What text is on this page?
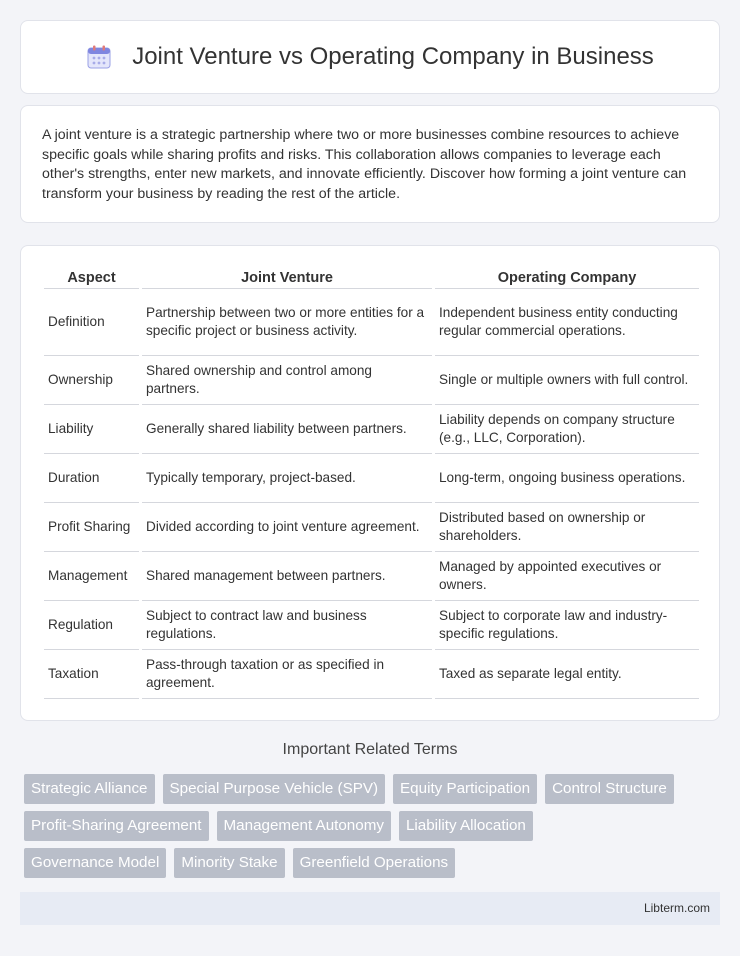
Joint Venture vs Operating Company in Business

A joint venture is a strategic partnership where two or more businesses combine resources to achieve specific goals while sharing profits and risks. This collaboration allows companies to leverage each other's strengths, enter new markets, and innovate efficiently. Discover how forming a joint venture can transform your business by reading the rest of the article.

Aspect	Joint Venture	Operating Company
Definition	Partnership between two or more entities for a specific project or business activity.	Independent business entity conducting regular commercial operations.
Ownership	Shared ownership and control among partners.	Single or multiple owners with full control.
Liability	Generally shared liability between partners.	Liability depends on company structure (e.g., LLC, Corporation).
Duration	Typically temporary, project-based.	Long-term, ongoing business operations.
Profit Sharing	Divided according to joint venture agreement.	Distributed based on ownership or shareholders.
Management	Shared management between partners.	Managed by appointed executives or owners.
Regulation	Subject to contract law and business regulations.	Subject to corporate law and industry-specific regulations.
Taxation	Pass-through taxation or as specified in agreement.	Taxed as separate legal entity.
Important Related Terms
Strategic Alliance	Special Purpose Vehicle (SPV)	Equity Participation	Control Structure
Profit-Sharing Agreement	Management Autonomy	Liability Allocation
Governance Model	Minority Stake	Greenfield Operations
Libterm.com
